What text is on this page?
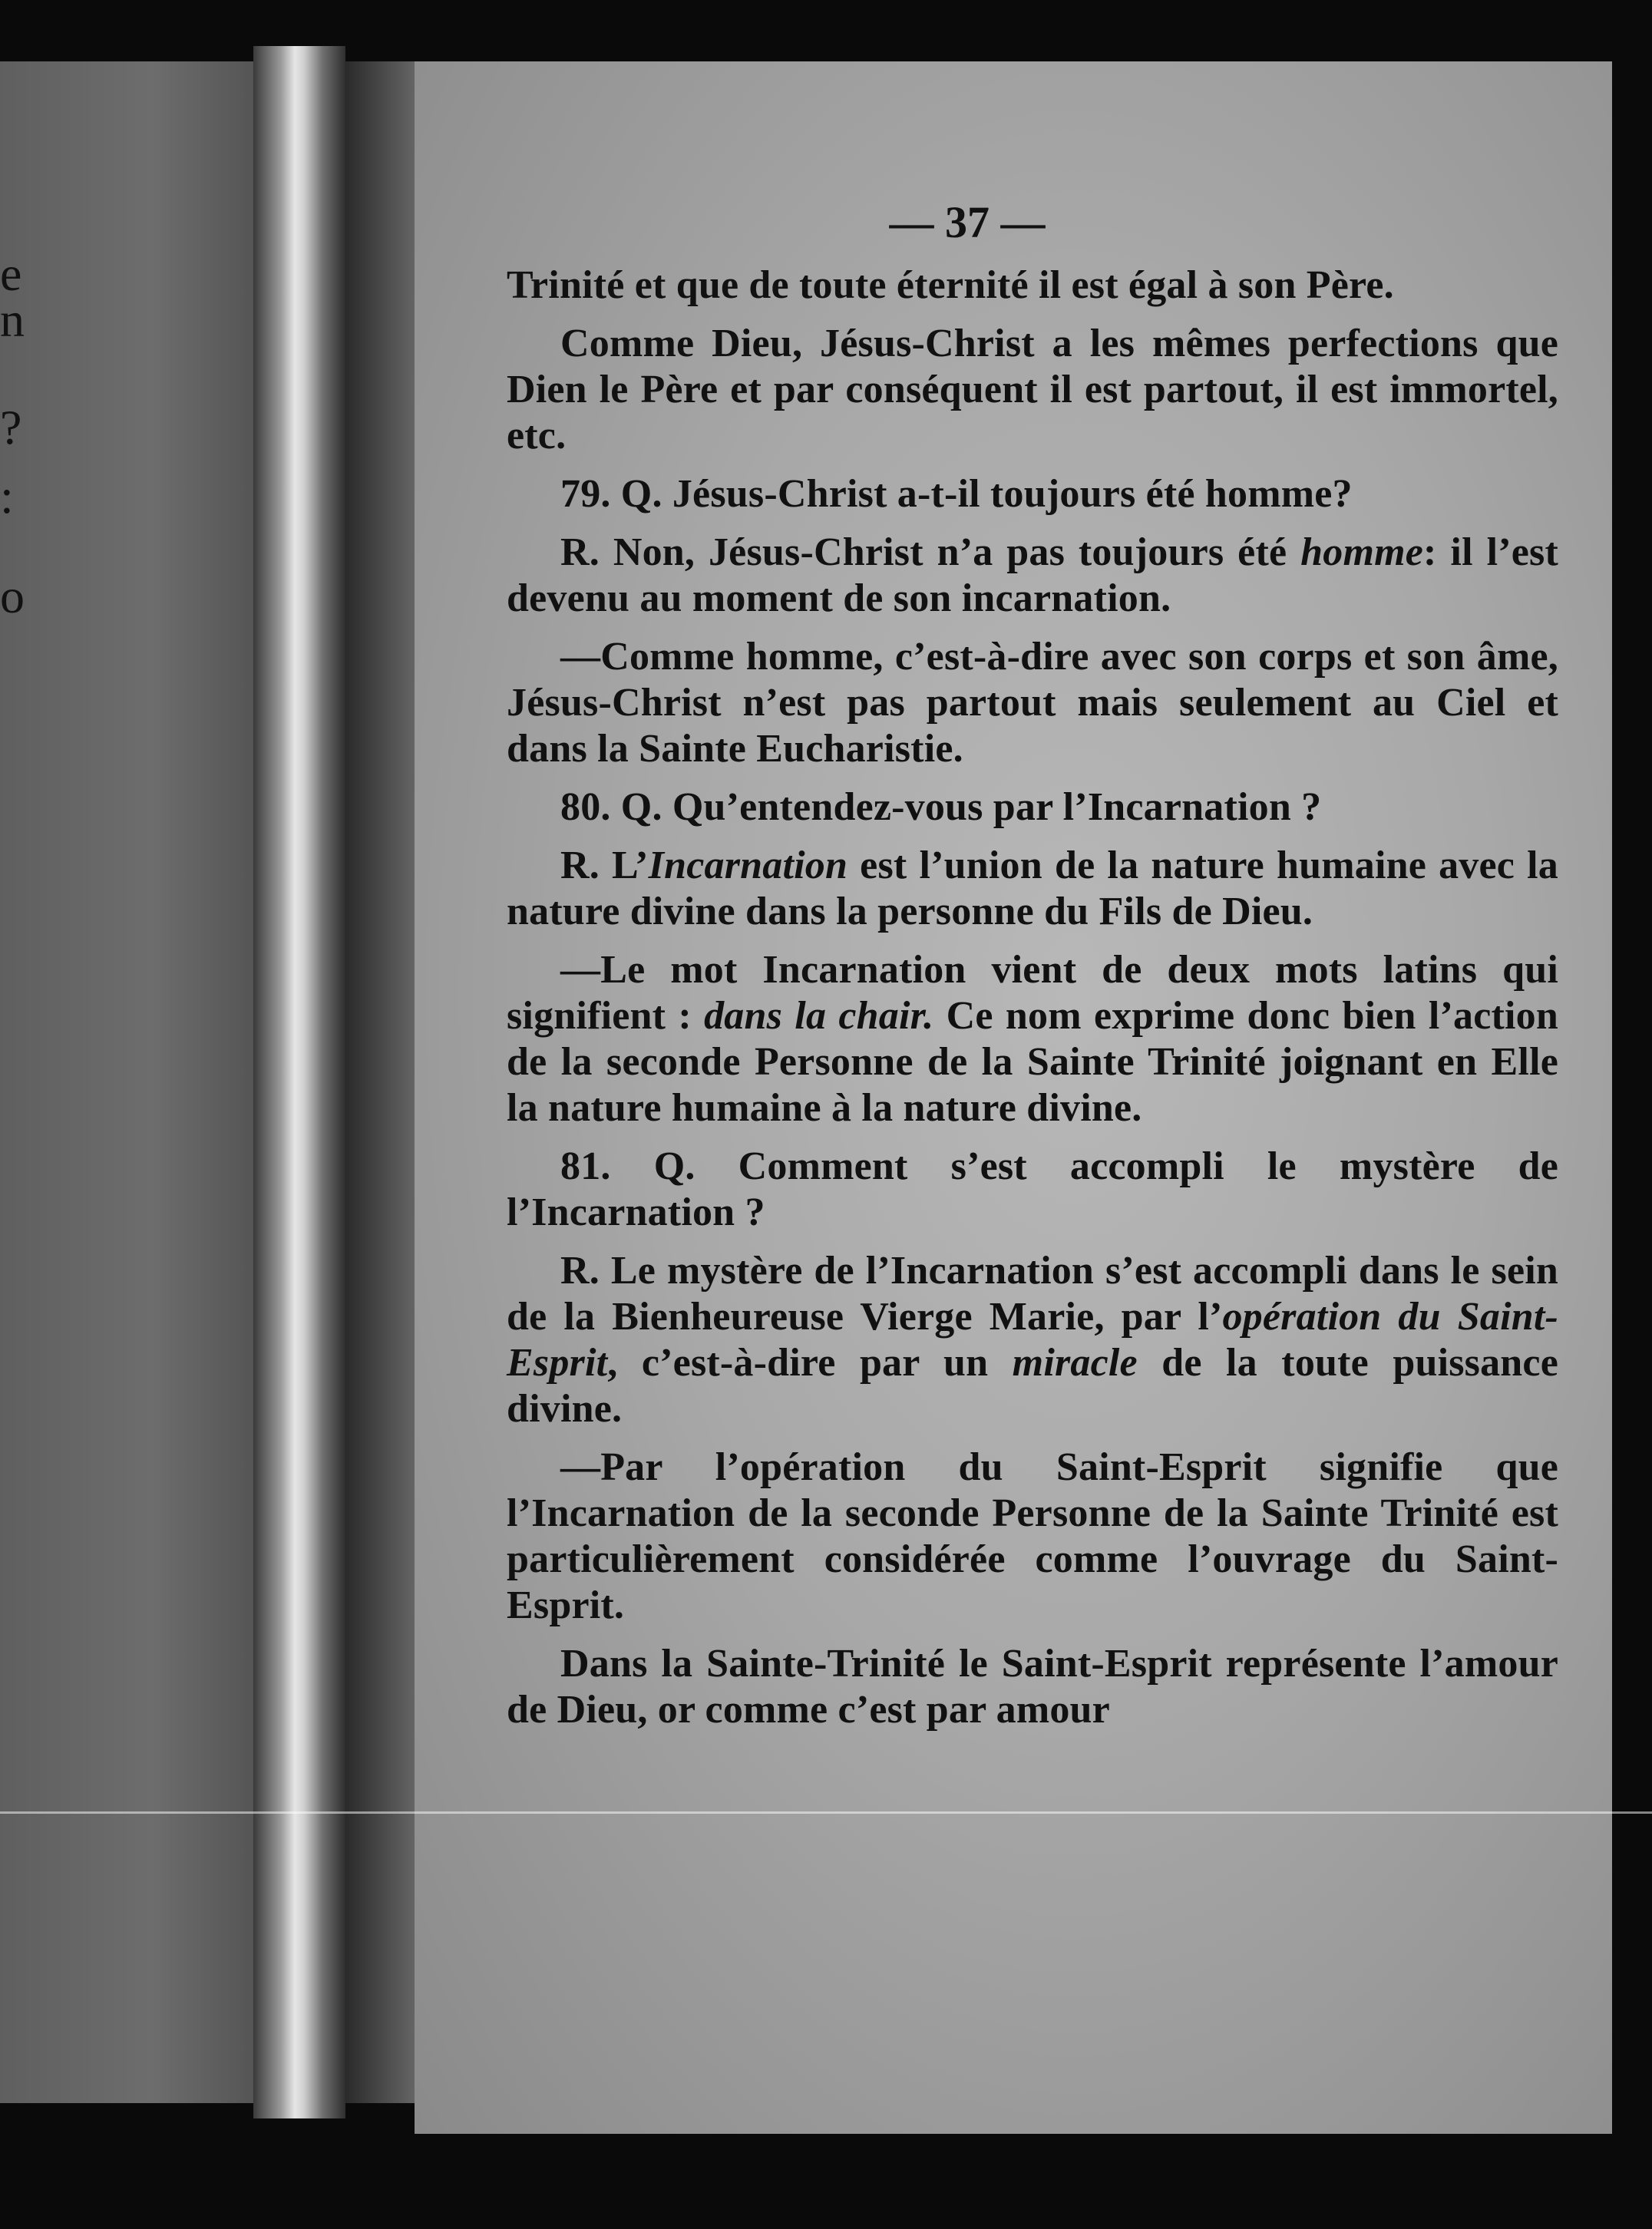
e
n
?
:
o
— 37 —
Trinité et que de toute éternité il est égal à son Père.
Comme Dieu, Jésus-Christ a les mêmes perfections que Dien le Père et par conséquent il est partout, il est immortel, etc.
79. Q. Jésus-Christ a-t-il toujours été homme?
R. Non, Jésus-Christ n’a pas toujours été homme: il l’est devenu au moment de son incarnation.
—Comme homme, c’est-à-dire avec son corps et son âme, Jésus-Christ n’est pas partout mais seulement au Ciel et dans la Sainte Eucharistie.
80. Q. Qu’entendez-vous par l’Incarnation ?
R. L’Incarnation est l’union de la nature humaine avec la nature divine dans la personne du Fils de Dieu.
—Le mot Incarnation vient de deux mots latins qui signifient : dans la chair. Ce nom exprime donc bien l’action de la seconde Personne de la Sainte Trinité joignant en Elle la nature humaine à la nature divine.
81. Q. Comment s’est accompli le mystère de l’Incarnation ?
R. Le mystère de l’Incarnation s’est accompli dans le sein de la Bienheureuse Vierge Marie, par l’opération du Saint-Esprit, c’est-à-dire par un miracle de la toute puissance divine.
—Par l’opération du Saint-Esprit signifie que l’Incarnation de la seconde Personne de la Sainte Trinité est particulièrement considérée comme l’ouvrage du Saint-Esprit.
Dans la Sainte-Trinité le Saint-Esprit représente l’amour de Dieu, or comme c’est par amour
